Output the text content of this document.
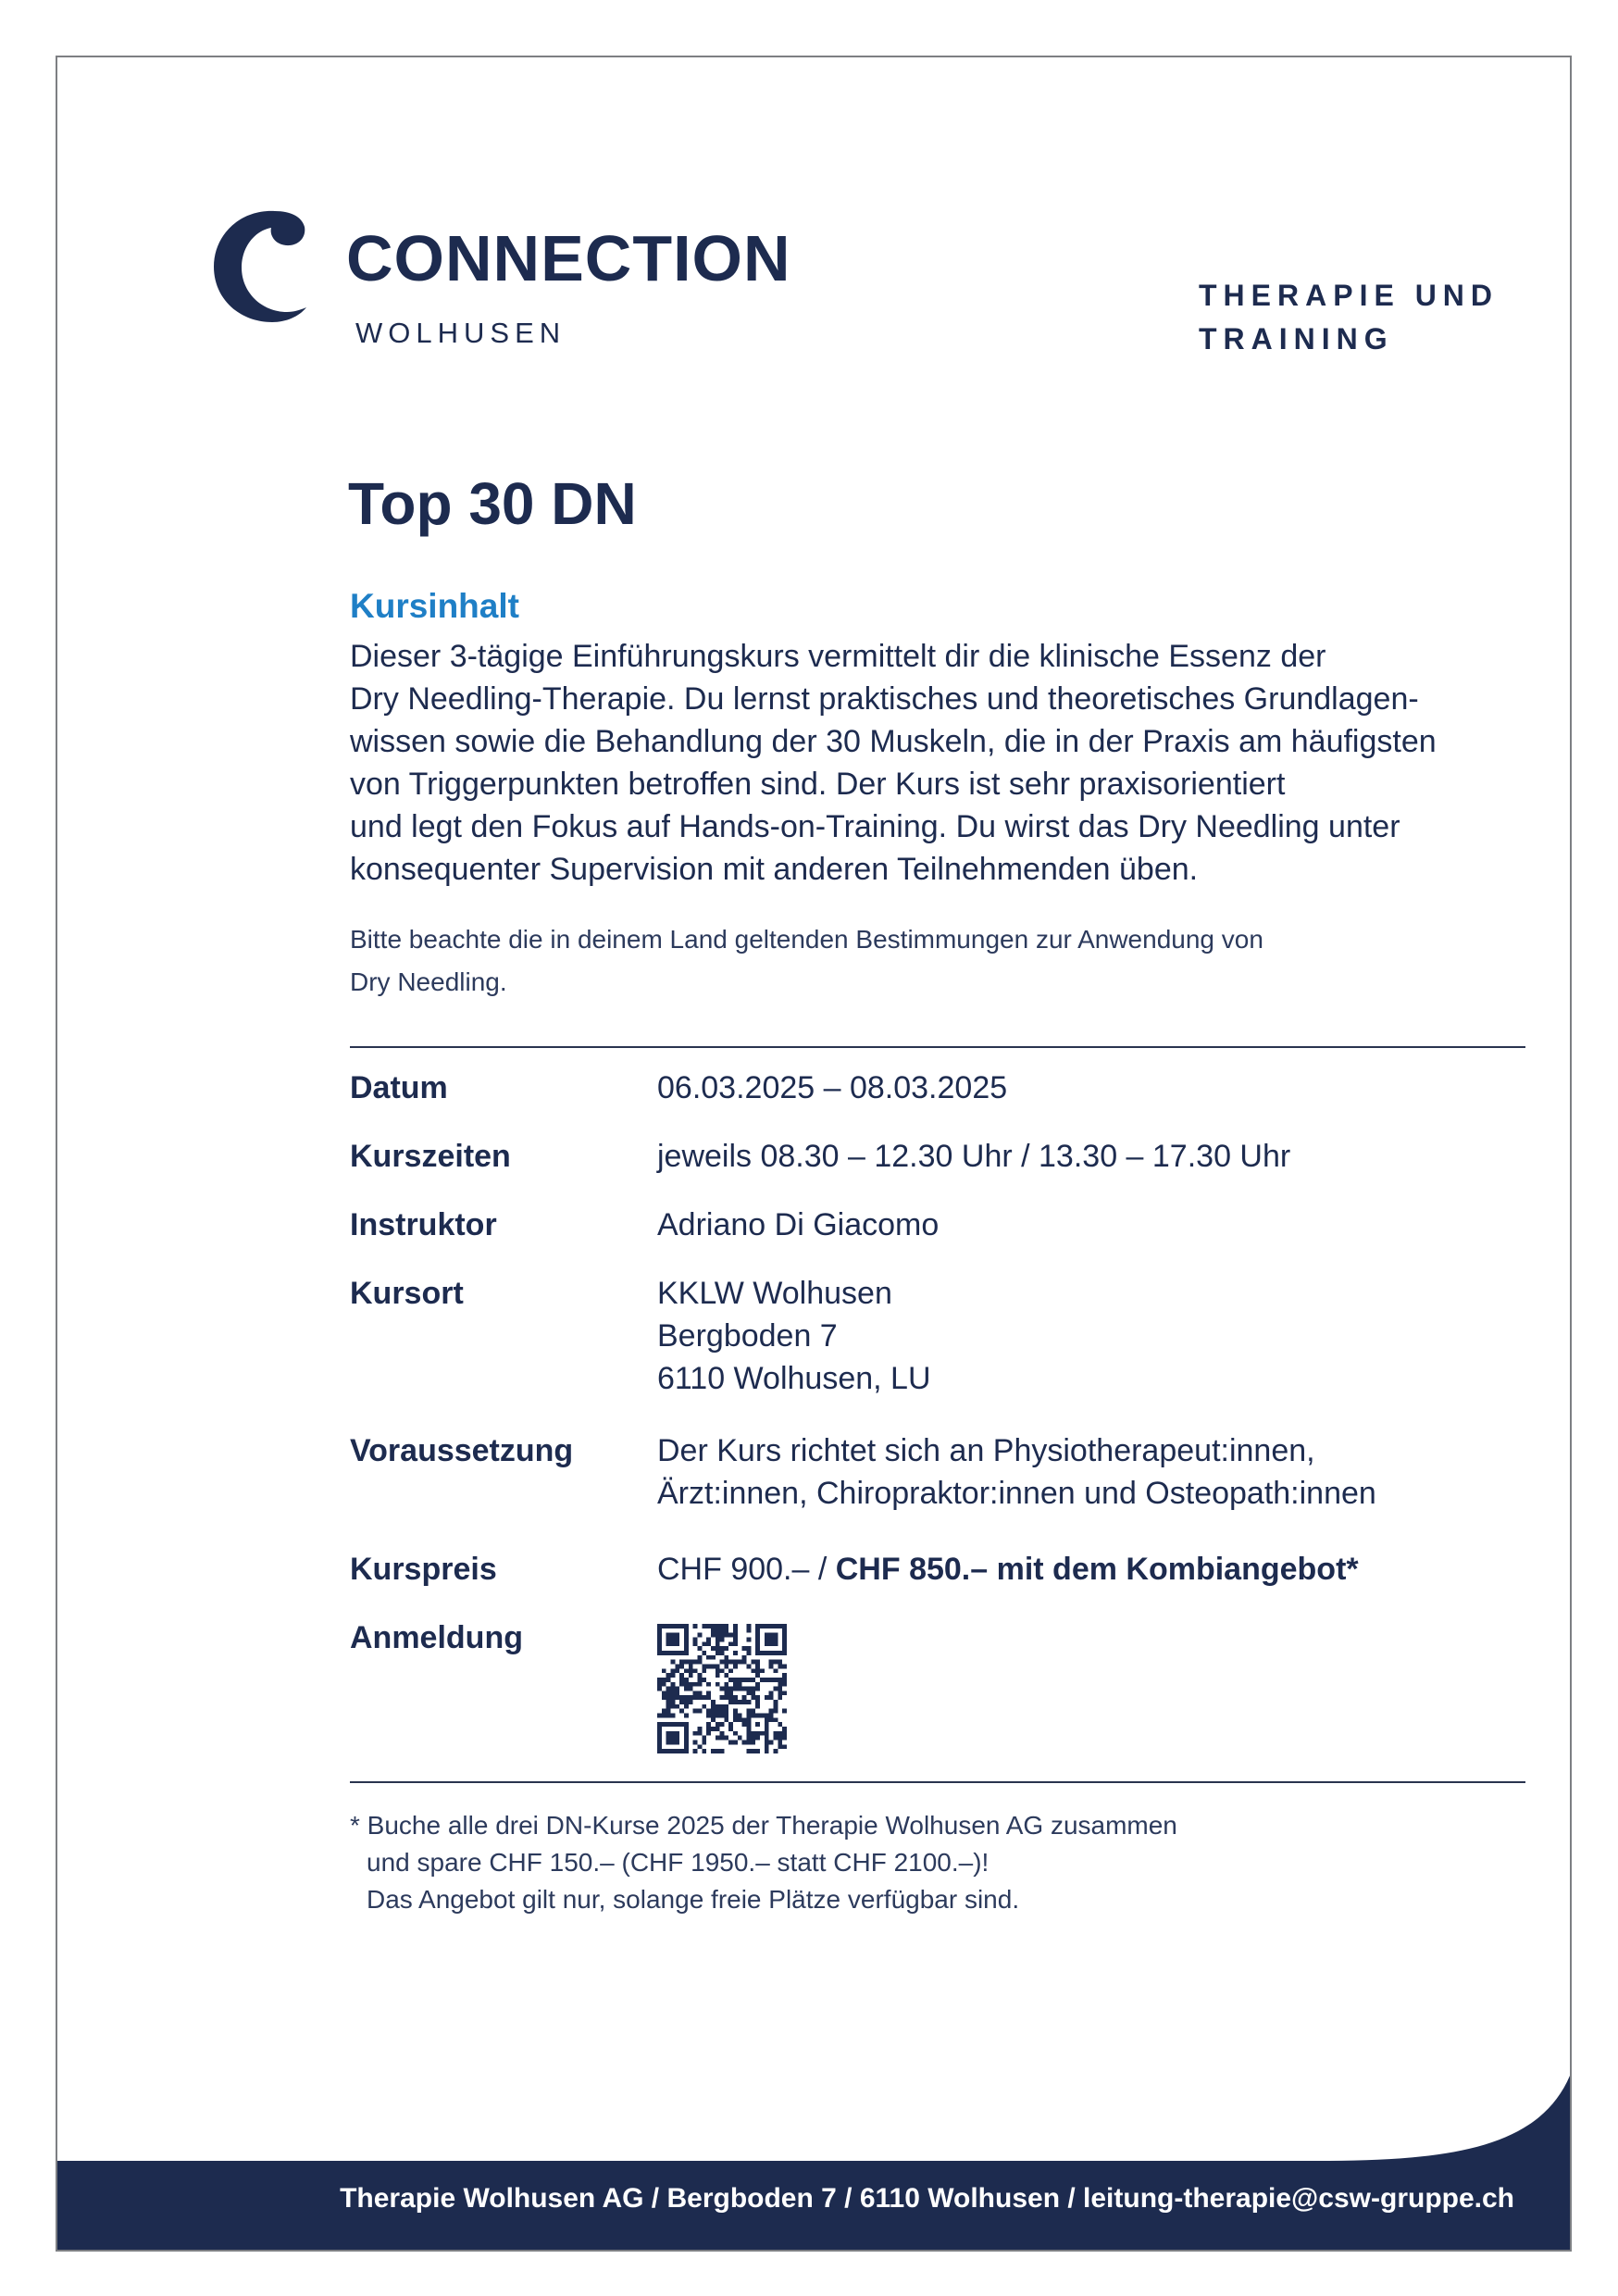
CONNECTION
WOLHUSEN
THERAPIE UND
TRAINING
Top 30 DN
Kursinhalt
Dieser 3-tägige Einführungskurs vermittelt dir die klinische Essenz der
Dry Needling-Therapie. Du lernst praktisches und theoretisches Grundlagen-
wissen sowie die Behandlung der 30 Muskeln, die in der Praxis am häufigsten
von Triggerpunkten betroffen sind. Der Kurs ist sehr praxisorientiert
und legt den Fokus auf Hands-on-Training. Du wirst das Dry Needling unter
konsequenter Supervision mit anderen Teilnehmenden üben.
Bitte beachte die in deinem Land geltenden Bestimmungen zur Anwendung von
Dry Needling.
Datum	06.03.2025 – 08.03.2025
Kurszeiten	jeweils 08.30 – 12.30 Uhr / 13.30 – 17.30 Uhr
Instruktor	Adriano Di Giacomo
Kursort	KKLW Wolhusen
Bergboden 7
6110 Wolhusen, LU
Voraussetzung	Der Kurs richtet sich an Physiotherapeut:innen,
Ärzt:innen, Chiropraktor:innen und Osteopath:innen
Kurspreis	CHF 900.– / CHF 850.– mit dem Kombiangebot*
Anmeldung
* Buche alle drei DN-Kurse 2025 der Therapie Wolhusen AG zusammen
und spare CHF 150.– (CHF 1950.– statt CHF 2100.–)!
Das Angebot gilt nur, solange freie Plätze verfügbar sind.
Therapie Wolhusen AG / Bergboden 7 / 6110 Wolhusen / leitung-therapie@csw-gruppe.ch
